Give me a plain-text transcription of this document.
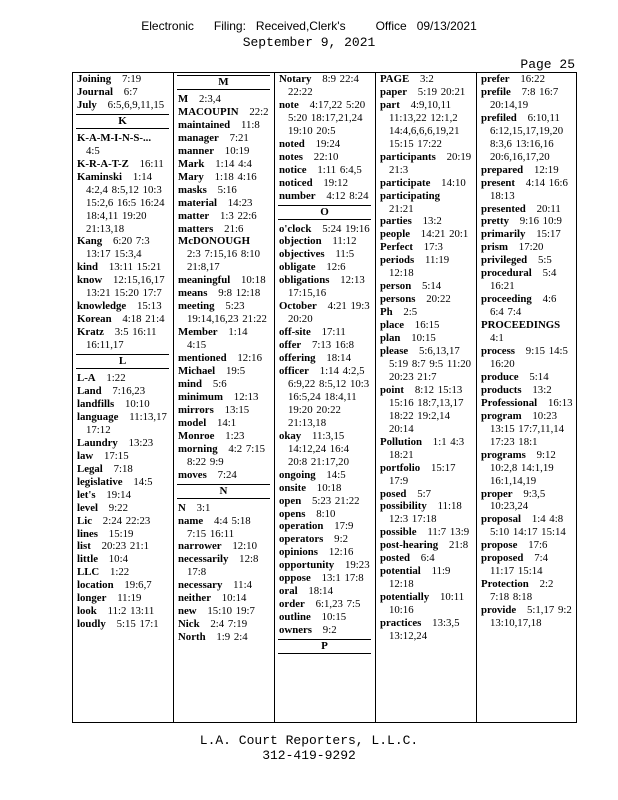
Electronic      Filing:   Received,Clerk's         Office   09/13/2021
September 9, 2021
Page 25

Joining  7:19

Journal  6:7

July  6:5,6,9,11,15

K

K-A-M-I-N-S-... 4:5

K-R-A-T-Z  16:11

Kaminski  1:14 4:2,4 8:5,12 10:3 15:2,6 16:5 16:24 18:4,11 19:20 21:13,18

Kang  6:20 7:3 13:17 15:3,4

kind  13:11 15:21

know  12:15,16,17 13:21 15:20 17:7

knowledge  15:13

Korean  4:18 21:4

Kratz  3:5 16:11 16:11,17

L

L-A  1:22

Land  7:16,23

landfills  10:10

language  11:13,17 17:12

Laundry  13:23

law  17:15

Legal  7:18

legislative  14:5

let's  19:14

level  9:22

Lic  2:24 22:23

lines  15:19

list  20:23 21:1

little  10:4

LLC  1:22

location  19:6,7

longer  11:19

look  11:2 13:11

loudly  5:15 17:1

M

M  2:3,4

MACOUPIN  22:2

maintained  11:8

manager  7:21

manner  10:19

Mark  1:14 4:4

Mary  1:18 4:16

masks  5:16

material  14:23

matter  1:3 22:6

matters  21:6

McDONOUGH 2:3 7:15,16 8:10 21:8,17

meaningful  10:18

means  9:8 12:18

meeting  5:23 19:14,16,23 21:22

Member  1:14 4:15

mentioned  12:16

Michael  19:5

mind  5:6

minimum  12:13

mirrors  13:15

model  14:1

Monroe  1:23

morning  4:2 7:15 8:22 9:9

moves  7:24

N

N  3:1

name  4:4 5:18 7:15 16:11

narrower  12:10

necessarily  12:8 17:8

necessary  11:4

neither  10:14

new  15:10 19:7

Nick  2:4 7:19

North  1:9 2:4

Notary  8:9 22:4 22:22

note  4:17,22 5:20 5:20 18:17,21,24 19:10 20:5

noted  19:24

notes  22:10

notice  1:11 6:4,5

noticed  19:12

number  4:12 8:24

O

o'clock  5:24 19:16

objection  11:12

objectives  11:5

obligate  12:6

obligations  12:13 17:15,16

October  4:21 19:3 20:20

off-site  17:11

offer  7:13 16:8

offering  18:14

officer  1:14 4:2,5 6:9,22 8:5,12 10:3 16:5,24 18:4,11 19:20 20:22 21:13,18

okay  11:3,15 14:12,24 16:4 20:8 21:17,20

ongoing  14:5

onsite  10:18

open  5:23 21:22

opens  8:10

operation  17:9

operators  9:2

opinions  12:16

opportunity  19:23

oppose  13:1 17:8

oral  18:14

order  6:1,23 7:5

outline  10:15

owners  9:2

P

PAGE  3:2

paper  5:19 20:21

part  4:9,10,11 11:13,22 12:1,2 14:4,6,6,6,19,21 15:15 17:22

participants  20:19 21:3

participate  14:10

participating 21:21

parties  13:2

people  14:21 20:1

Perfect  17:3

periods  11:19 12:18

person  5:14

persons  20:22

Ph  2:5

place  16:15

plan  10:15

please  5:6,13,17 5:19 8:7 9:5 11:20 20:23 21:7

point  8:12 15:13 15:16 18:7,13,17 18:22 19:2,14 20:14

Pollution  1:1 4:3 18:21

portfolio  15:17 17:9

posed  5:7

possibility  11:18 12:3 17:18

possible  11:7 13:9

post-hearing  21:8

posted  6:4

potential  11:9 12:18

potentially  10:11 10:16

practices  13:3,5 13:12,24

prefer  16:22

prefile  7:8 16:7 20:14,19

prefiled  6:10,11 6:12,15,17,19,20 8:3,6 13:16,16 20:6,16,17,20

prepared  12:19

present  4:14 16:6 18:13

presented  20:11

pretty  9:16 10:9

primarily  15:17

prism  17:20

privileged  5:5

procedural  5:4 16:21

proceeding  4:6 6:4 7:4

PROCEEDINGS 4:1

process  9:15 14:5 16:20

produce  5:14

products  13:2

Professional  16:13

program  10:23 13:15 17:7,11,14 17:23 18:1

programs  9:12 10:2,8 14:1,19 16:1,14,19

proper  9:3,5 10:23,24

proposal  1:4 4:8 5:10 14:17 15:14

propose  17:6

proposed  7:4 11:17 15:14

Protection  2:2 7:18 8:18

provide  5:1,17 9:2 13:10,17,18

L.A. Court Reporters, L.L.C.
312-419-9292
